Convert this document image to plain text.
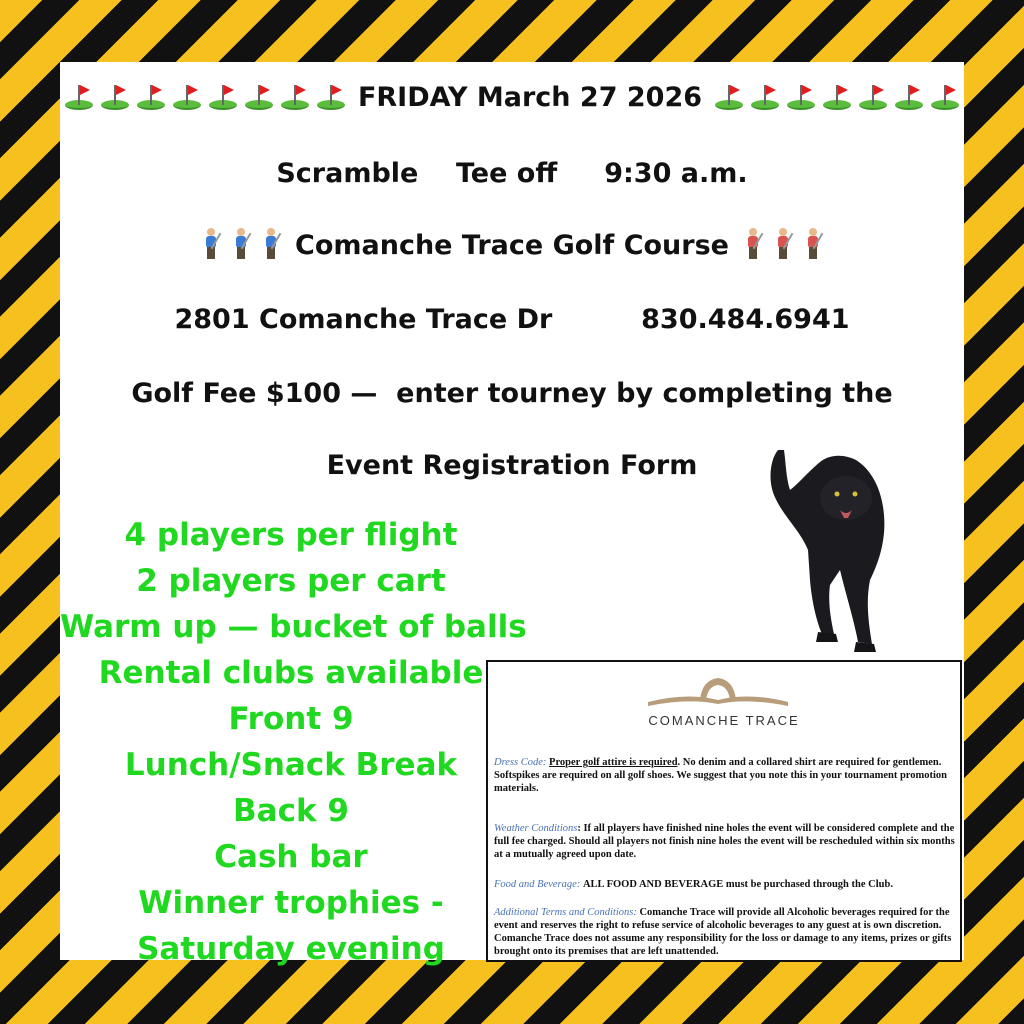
FRIDAY March 27 2026
Scramble    Tee off     9:30 a.m.
Comanche Trace Golf Course
2801 Comanche Trace Dr	830.484.6941
Golf Fee $100 —  enter tourney by completing the
Event Registration Form
4 players per flight
2 players per cart
Warm up — bucket of balls
Rental clubs available
Front 9
Lunch/Snack Break
Back 9
Cash bar
Winner trophies -
Saturday evening
COMANCHE TRACE
Dress Code: Proper golf attire is required. No denim and a collared shirt are required for gentlemen.
Softspikes are required on all golf shoes. We suggest that you note this in your tournament promotion materials.
Weather Conditions: If all players have finished nine holes the event will be considered complete and the full fee charged. Should all players not finish nine holes the event will be rescheduled within six months at a mutually agreed upon date.
Food and Beverage: ALL FOOD AND BEVERAGE must be purchased through the Club.
Additional Terms and Conditions: Comanche Trace will provide all Alcoholic beverages required for the event and reserves the right to refuse service of alcoholic beverages to any guest at is own discretion. Comanche Trace does not assume any responsibility for the loss or damage to any items, prizes or gifts brought onto its premises that are left unattended.
